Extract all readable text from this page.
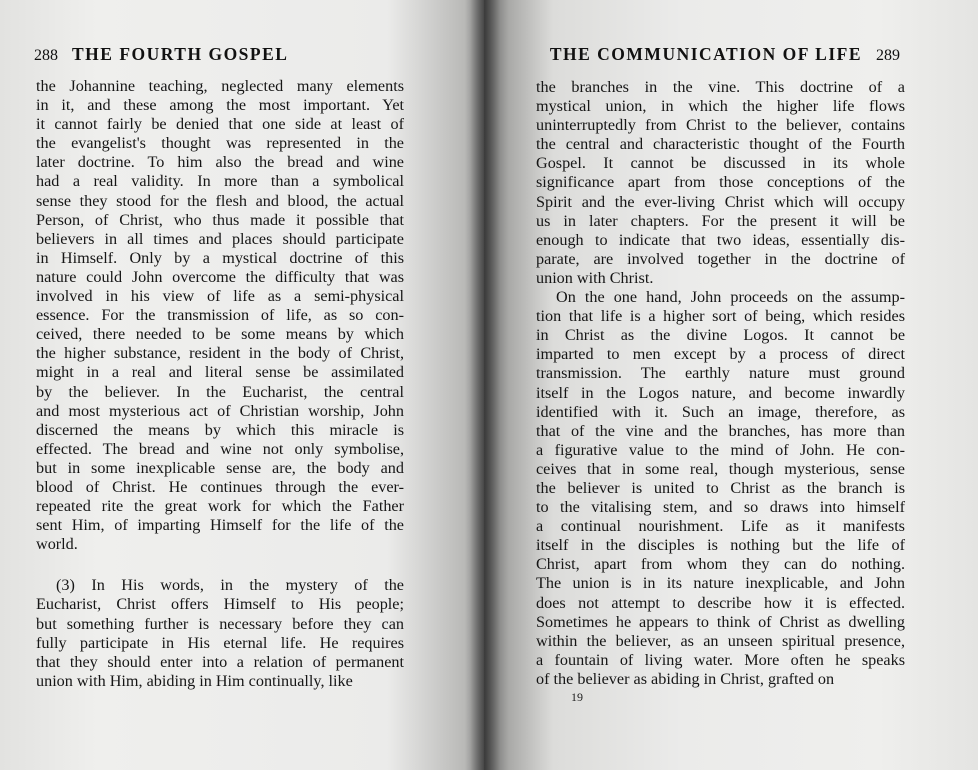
288 THE FOURTH GOSPEL
the Johannine teaching, neglected many elements
in it, and these among the most important. Yet
it cannot fairly be denied that one side at least of
the evangelist's thought was represented in the
later doctrine. To him also the bread and wine
had a real validity. In more than a symbolical
sense they stood for the flesh and blood, the actual
Person, of Christ, who thus made it possible that
believers in all times and places should participate
in Himself. Only by a mystical doctrine of this
nature could John overcome the difficulty that was
involved in his view of life as a semi-physical
essence. For the transmission of life, as so con-
ceived, there needed to be some means by which
the higher substance, resident in the body of Christ,
might in a real and literal sense be assimilated
by the believer. In the Eucharist, the central
and most mysterious act of Christian worship, John
discerned the means by which this miracle is
effected. The bread and wine not only symbolise,
but in some inexplicable sense are, the body and
blood of Christ. He continues through the ever-
repeated rite the great work for which the Father
sent Him, of imparting Himself for the life of the
world.
(3) In His words, in the mystery of the
Eucharist, Christ offers Himself to His people;
but something further is necessary before they can
fully participate in His eternal life. He requires
that they should enter into a relation of permanent
union with Him, abiding in Him continually, like
THE COMMUNICATION OF LIFE 289
the branches in the vine. This doctrine of a
mystical union, in which the higher life flows
uninterruptedly from Christ to the believer, contains
the central and characteristic thought of the Fourth
Gospel. It cannot be discussed in its whole
significance apart from those conceptions of the
Spirit and the ever-living Christ which will occupy
us in later chapters. For the present it will be
enough to indicate that two ideas, essentially dis-
parate, are involved together in the doctrine of
union with Christ.
On the one hand, John proceeds on the assump-
tion that life is a higher sort of being, which resides
in Christ as the divine Logos. It cannot be
imparted to men except by a process of direct
transmission. The earthly nature must ground
itself in the Logos nature, and become inwardly
identified with it. Such an image, therefore, as
that of the vine and the branches, has more than
a figurative value to the mind of John. He con-
ceives that in some real, though mysterious, sense
the believer is united to Christ as the branch is
to the vitalising stem, and so draws into himself
a continual nourishment. Life as it manifests
itself in the disciples is nothing but the life of
Christ, apart from whom they can do nothing.
The union is in its nature inexplicable, and John
does not attempt to describe how it is effected.
Sometimes he appears to think of Christ as dwelling
within the believer, as an unseen spiritual presence,
a fountain of living water. More often he speaks
of the believer as abiding in Christ, grafted on
19
